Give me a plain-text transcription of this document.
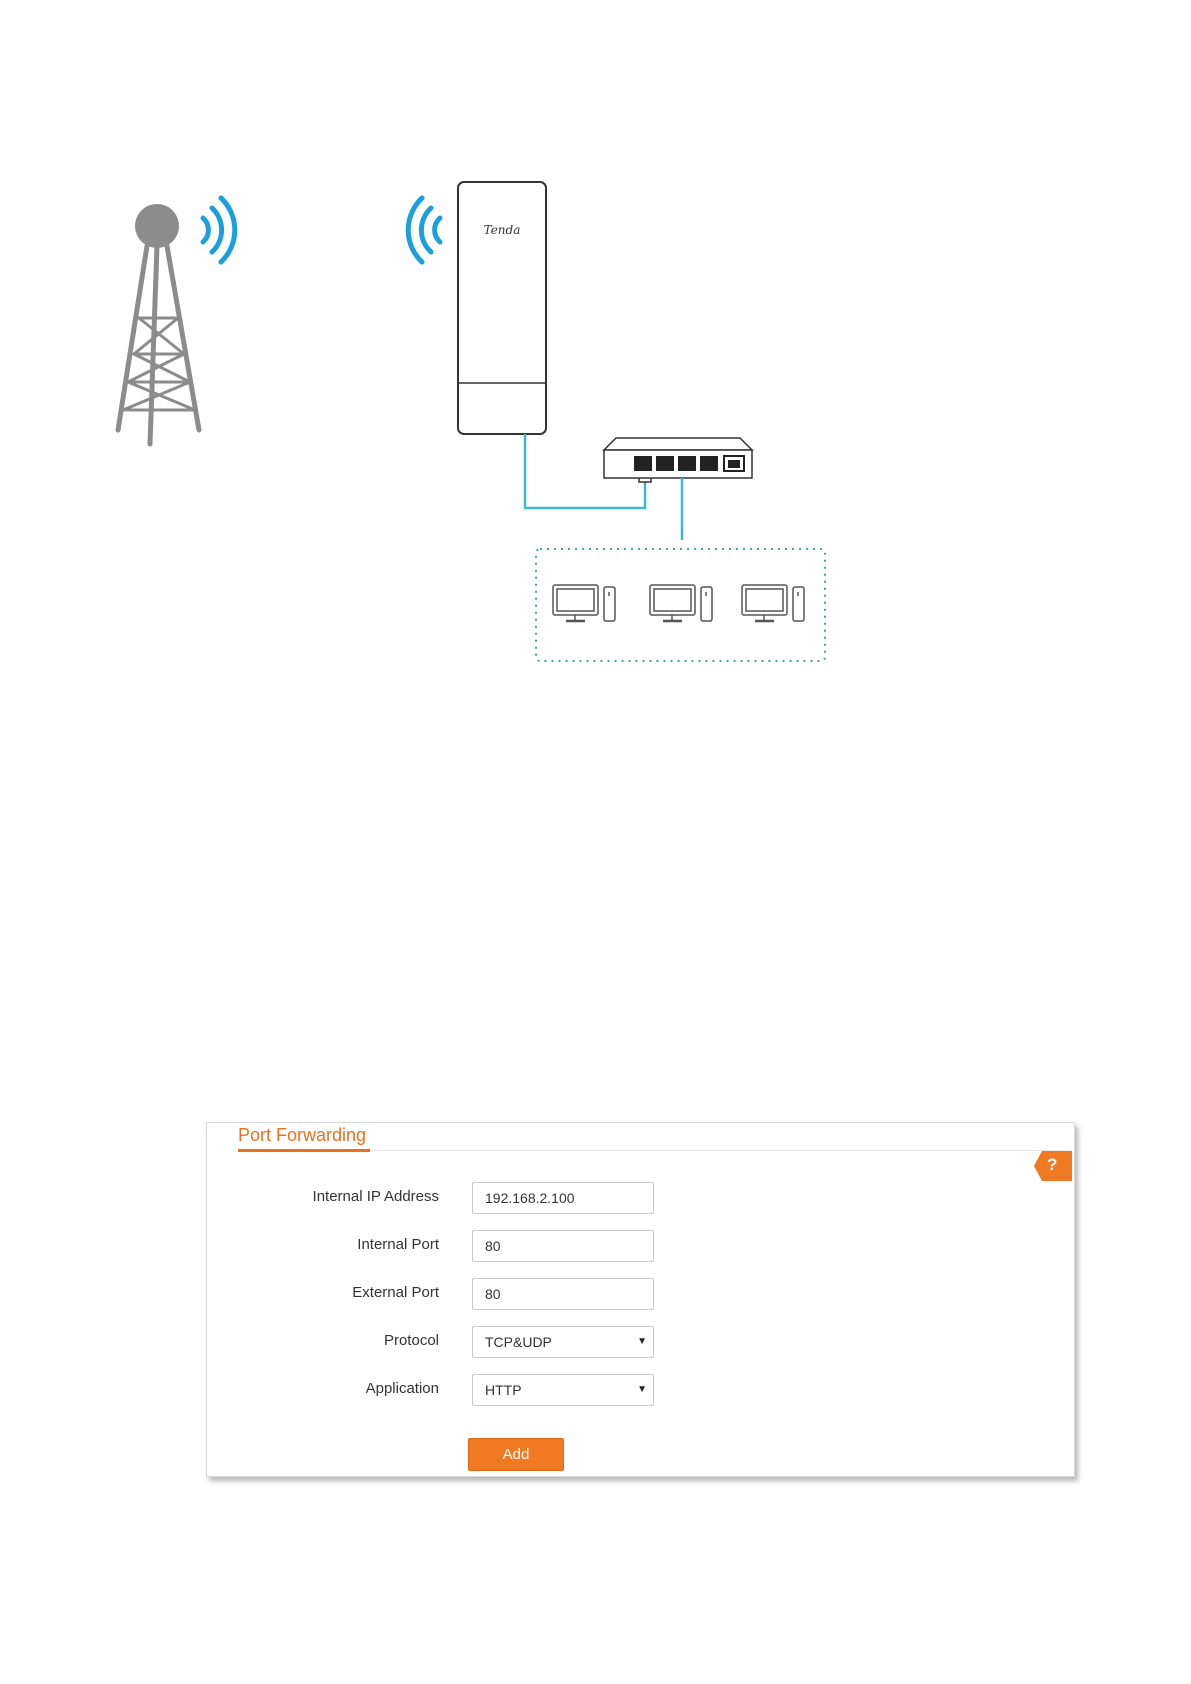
Tenda
Port Forwarding
?
Internal IP Address	192.168.2.100
Internal Port	80
External Port	80
Protocol	TCP&UDP	▼
Application	HTTP	▼
Add
